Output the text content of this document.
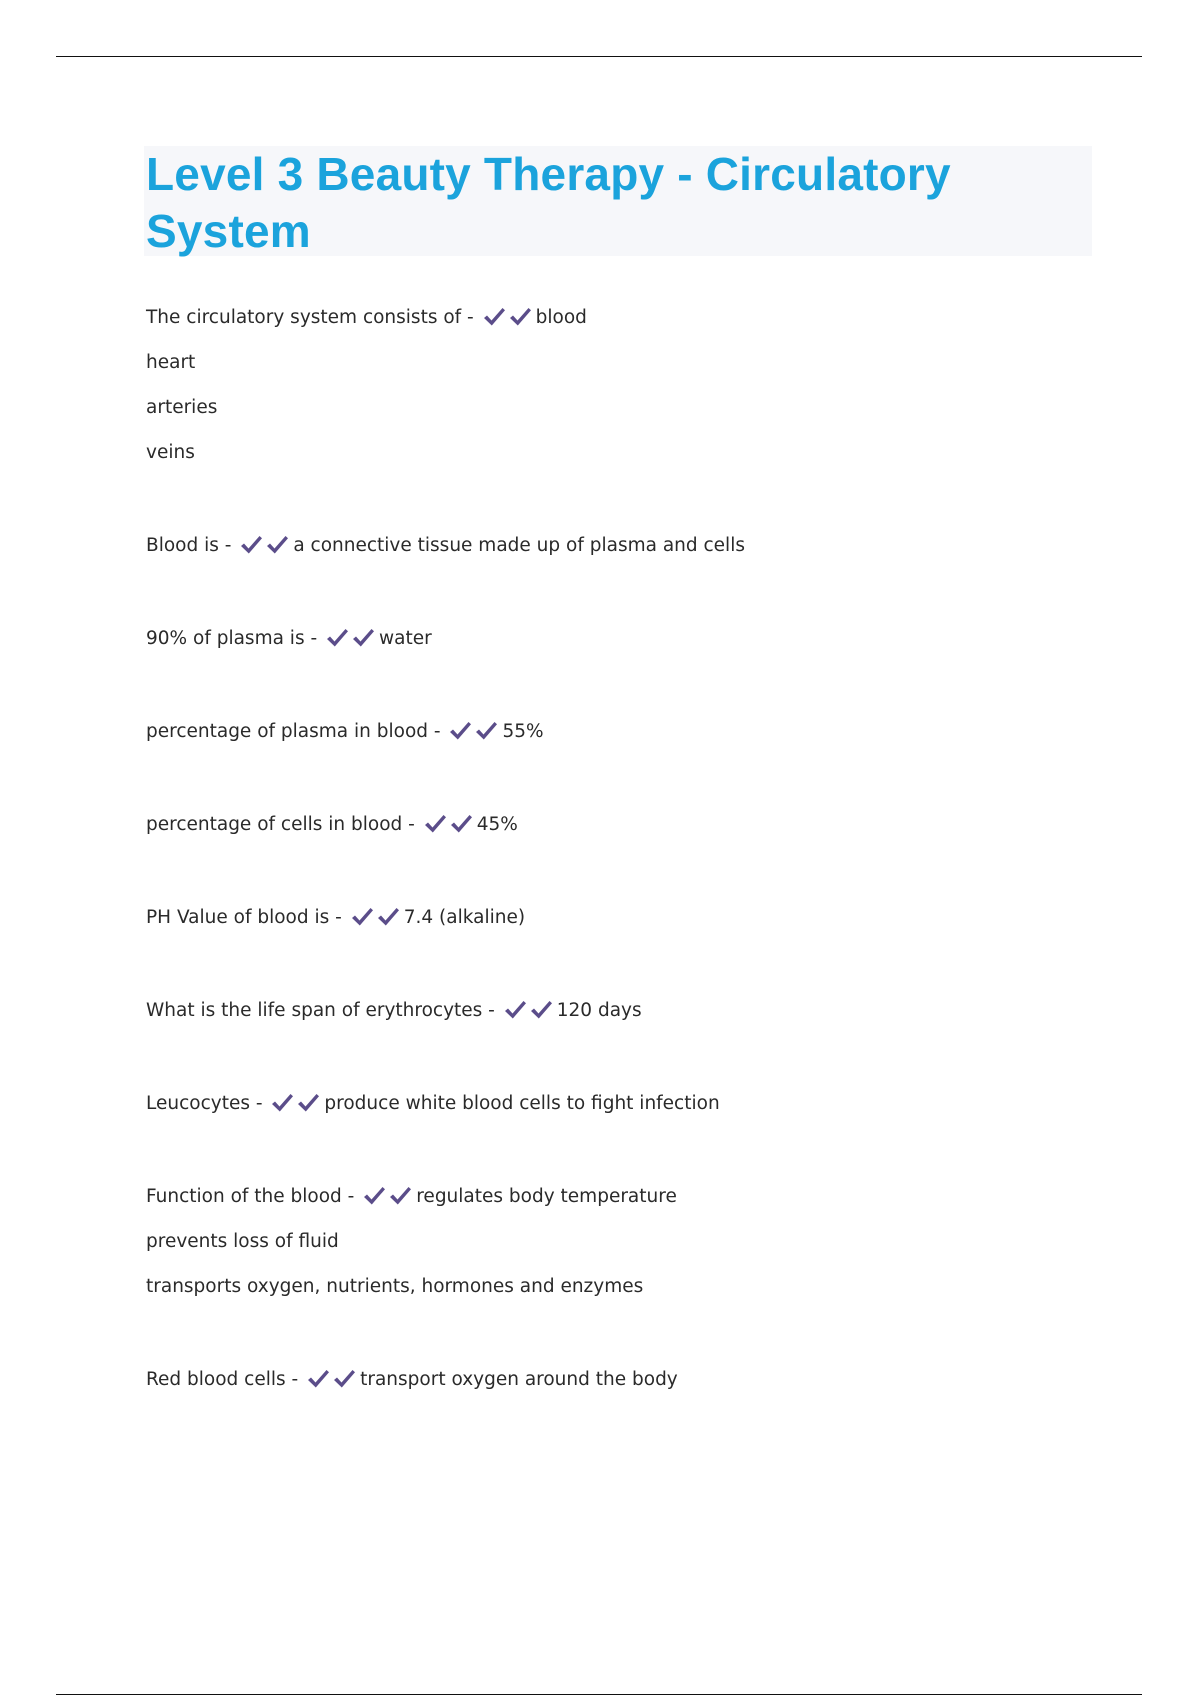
Level 3 Beauty Therapy - Circulatory System
The circulatory system consists of -	blood
heart
arteries
veins
Blood is -	a connective tissue made up of plasma and cells
90% of plasma is -	water
percentage of plasma in blood -	55%
percentage of cells in blood -	45%
PH Value of blood is -	7.4 (alkaline)
What is the life span of erythrocytes -	120 days
Leucocytes -	produce white blood cells to fight infection
Function of the blood -	regulates body temperature
prevents loss of fluid
transports oxygen, nutrients, hormones and enzymes
Red blood cells -	transport oxygen around the body
